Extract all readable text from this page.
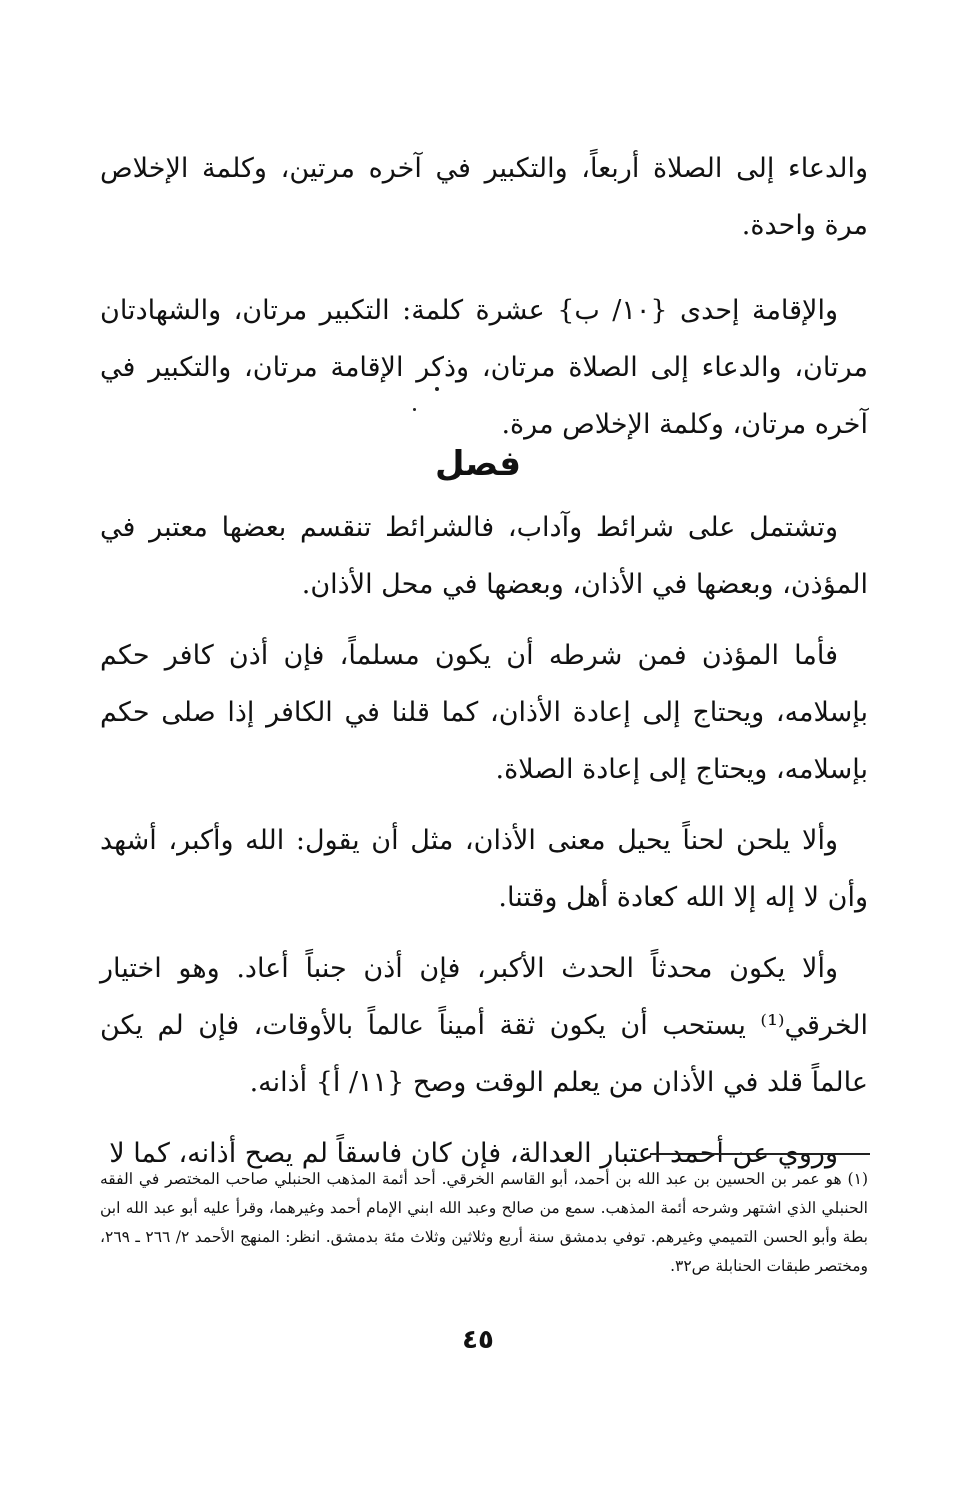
والدعاء إلى الصلاة أربعاً، والتكبير في آخره مرتين، وكلمة الإخلاص مرة واحدة.

والإقامة إحدى {١٠/ ب} عشرة كلمة: التكبير مرتان، والشهادتان مرتان، والدعاء إلى الصلاة مرتان، وذكر الإقامة مرتان، والتكبير في آخره مرتان، وكلمة الإخلاص مرة.

فصل

وتشتمل على شرائط وآداب، فالشرائط تنقسم بعضها معتبر في المؤذن، وبعضها في الأذان، وبعضها في محل الأذان.

فأما المؤذن فمن شرطه أن يكون مسلماً، فإن أذن كافر حكم بإسلامه، ويحتاج إلى إعادة الأذان، كما قلنا في الكافر إذا صلى حكم بإسلامه، ويحتاج إلى إعادة الصلاة.

وألا يلحن لحناً يحيل معنى الأذان، مثل أن يقول: الله وأكبر، أشهد وأن لا إله إلا الله كعادة أهل وقتنا.

وألا يكون محدثاً الحدث الأكبر، فإن أذن جنباً أعاد. وهو اختيار الخرقي⁽¹⁾ يستحب أن يكون ثقة أميناً عالماً بالأوقات، فإن لم يكن عالماً قلد في الأذان من يعلم الوقت وصح {١١/ أ} أذانه.

وروي عن أحمد اعتبار العدالة، فإن كان فاسقاً لم يصح أذانه، كما لا

(١) هو عمر بن الحسين بن عبد الله بن أحمد، أبو القاسم الخرقي. أحد أئمة المذهب الحنبلي صاحب المختصر في الفقه الحنبلي الذي اشتهر وشرحه أئمة المذهب. سمع من صالح وعبد الله ابني الإمام أحمد وغيرهما، وقرأ عليه أبو عبد الله ابن بطة وأبو الحسن التميمي وغيرهم. توفي بدمشق سنة أربع وثلاثين وثلاث مئة بدمشق. انظر: المنهج الأحمد ٢/ ٢٦٦ ـ ٢٦٩، ومختصر طبقات الحنابلة ص٣٢.

٤٥
